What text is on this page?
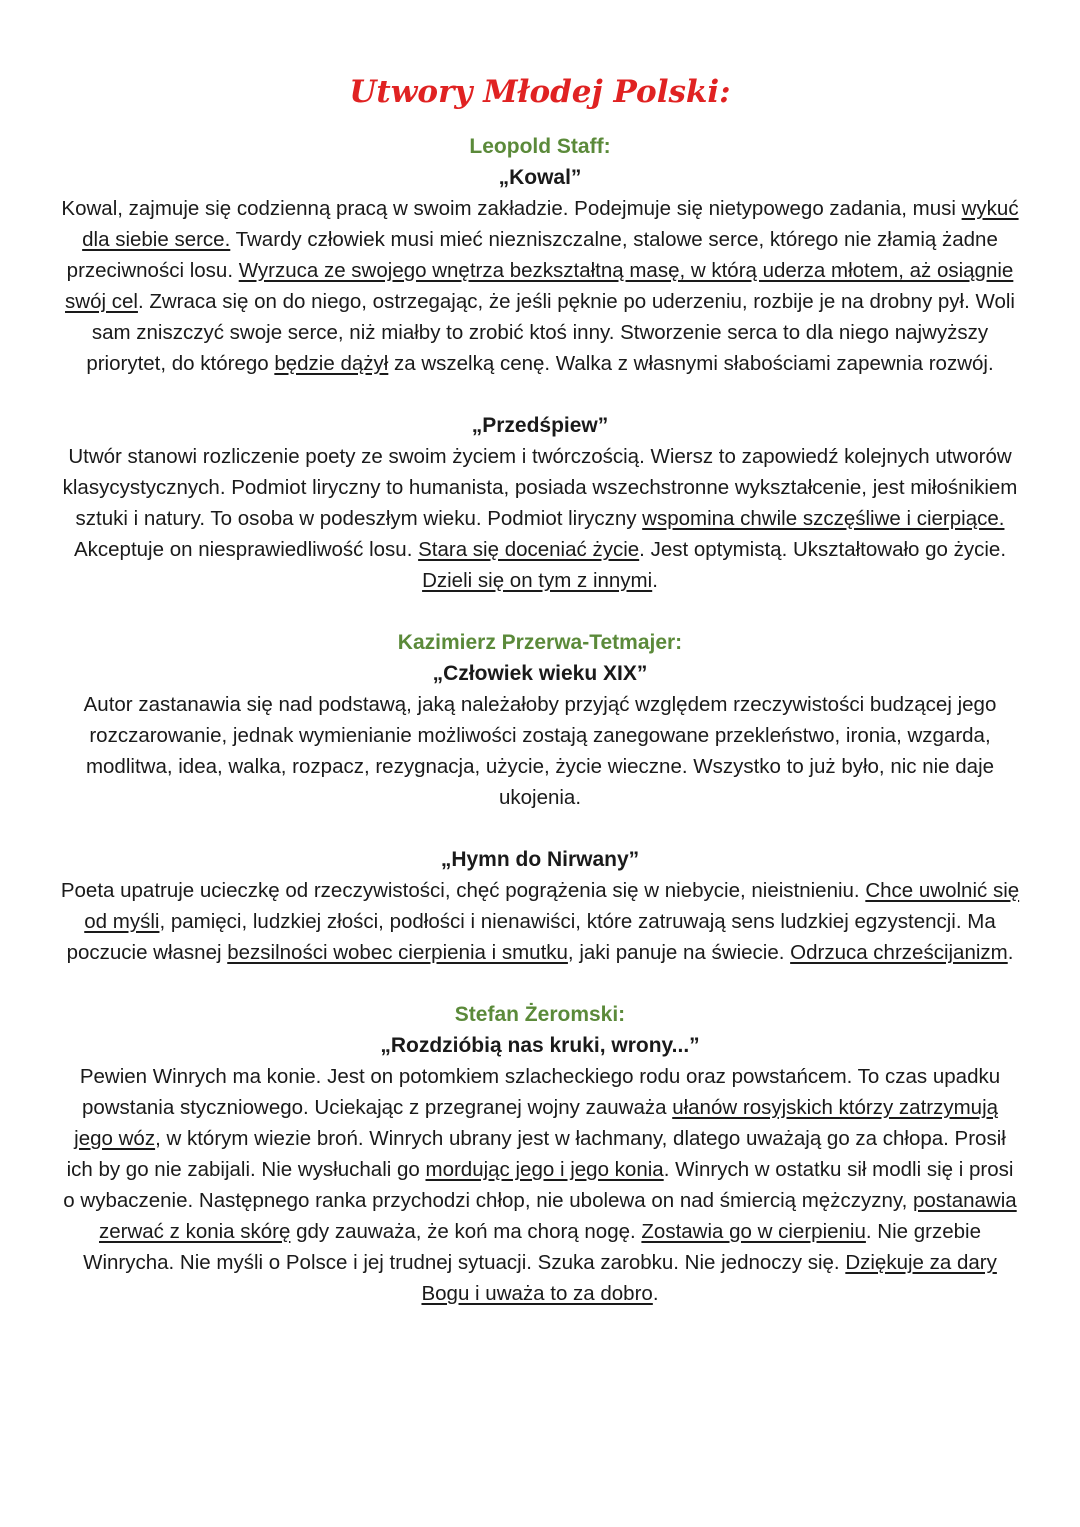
Utwory Młodej Polski:
Leopold Staff:
„Kowal”

Kowal, zajmuje się codzienną pracą w swoim zakładzie. Podejmuje się nietypowego zadania, musi wykuć dla siebie serce. Twardy człowiek musi mieć niezniszczalne, stalowe serce, którego nie złamią żadne przeciwności losu. Wyrzuca ze swojego wnętrza bezkształtną masę, w którą uderza młotem, aż osiągnie swój cel. Zwraca się on do niego, ostrzegając, że jeśli pęknie po uderzeniu, rozbije je na drobny pył. Woli sam zniszczyć swoje serce, niż miałby to zrobić ktoś inny. Stworzenie serca to dla niego najwyższy priorytet, do którego będzie dążył za wszelką cenę. Walka z własnymi słabościami zapewnia rozwój.

„Przedśpiew”

Utwór stanowi rozliczenie poety ze swoim życiem i twórczością. Wiersz to zapowiedź kolejnych utworów klasycystycznych. Podmiot liryczny to humanista, posiada wszechstronne wykształcenie, jest miłośnikiem sztuki i natury. To osoba w podeszłym wieku. Podmiot liryczny wspomina chwile szczęśliwe i cierpiące. Akceptuje on niesprawiedliwość losu. Stara się doceniać życie. Jest optymistą. Ukształtowało go życie. Dzieli się on tym z innymi.

Kazimierz Przerwa-Tetmajer:
„Człowiek wieku XIX”

Autor zastanawia się nad podstawą, jaką należałoby przyjąć względem rzeczywistości budzącej jego rozczarowanie, jednak wymienianie możliwości zostają zanegowane przekleństwo, ironia, wzgarda, modlitwa, idea, walka, rozpacz, rezygnacja, użycie, życie wieczne. Wszystko to już było, nic nie daje ukojenia.

„Hymn do Nirwany”

Poeta upatruje ucieczkę od rzeczywistości, chęć pogrążenia się w niebycie, nieistnieniu. Chce uwolnić się od myśli, pamięci, ludzkiej złości, podłości i nienawiści, które zatruwają sens ludzkiej egzystencji. Ma poczucie własnej bezsilności wobec cierpienia i smutku, jaki panuje na świecie. Odrzuca chrześcijanizm.

Stefan Żeromski:
„Rozdzióbią nas kruki, wrony...”

Pewien Winrych ma konie. Jest on potomkiem szlacheckiego rodu oraz powstańcem. To czas upadku powstania styczniowego. Uciekając z przegranej wojny zauważa ułanów rosyjskich którzy zatrzymują jego wóz, w którym wiezie broń. Winrych ubrany jest w łachmany, dlatego uważają go za chłopa. Prosił ich by go nie zabijali. Nie wysłuchali go mordując jego i jego konia. Winrych w ostatku sił modli się i prosi o wybaczenie. Następnego ranka przychodzi chłop, nie ubolewa on nad śmiercią mężczyzny, postanawia zerwać z konia skórę gdy zauważa, że koń ma chorą nogę. Zostawia go w cierpieniu. Nie grzebie Winrycha. Nie myśli o Polsce i jej trudnej sytuacji. Szuka zarobku. Nie jednoczy się. Dziękuje za dary Bogu i uważa to za dobro.
